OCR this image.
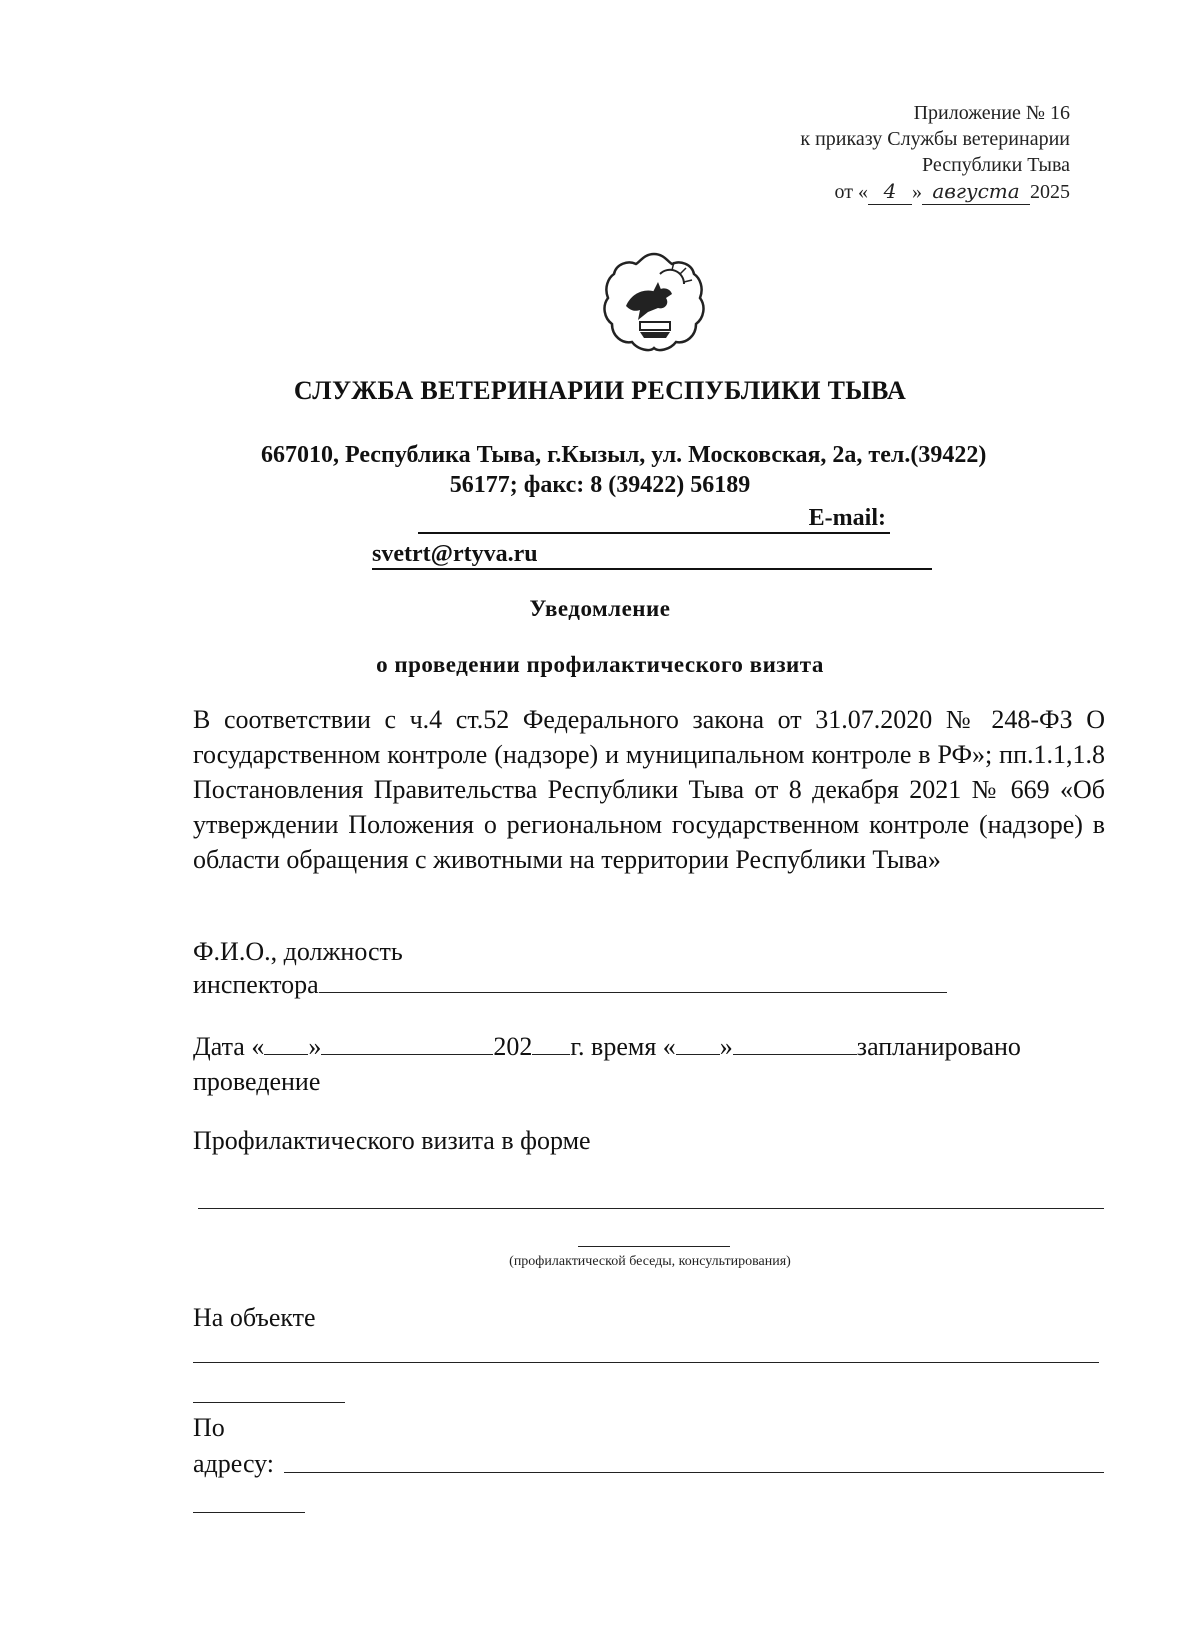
Приложение № 16
к приказу Службы ветеринарии
Республики Тыва
от « 4 » августа 2025
СЛУЖБА ВЕТЕРИНАРИИ РЕСПУБЛИКИ ТЫВА
667010, Республика Тыва, г.Кызыл, ул. Московская, 2а, тел.(39422)
56177; факс: 8 (39422) 56189
E-mail:
svetrt@rtyva.ru
Уведомление
о проведении профилактического визита
В соответствии с ч.4 ст.52 Федерального закона от 31.07.2020 № 248-ФЗ О государственном контроле (надзоре) и муниципальном контроле в РФ»; пп.1.1,1.8 Постановления Правительства Республики Тыва от 8 декабря 2021 № 669 «Об утверждении Положения о региональном государственном контроле (надзоре) в области обращения с животными на территории Республики Тыва»
Ф.И.О., должность
инспектора
Дата « »	202 г. время « »	запланировано
проведение
Профилактического визита в форме
(профилактической беседы, консультирования)
На объекте
По
адресу:
